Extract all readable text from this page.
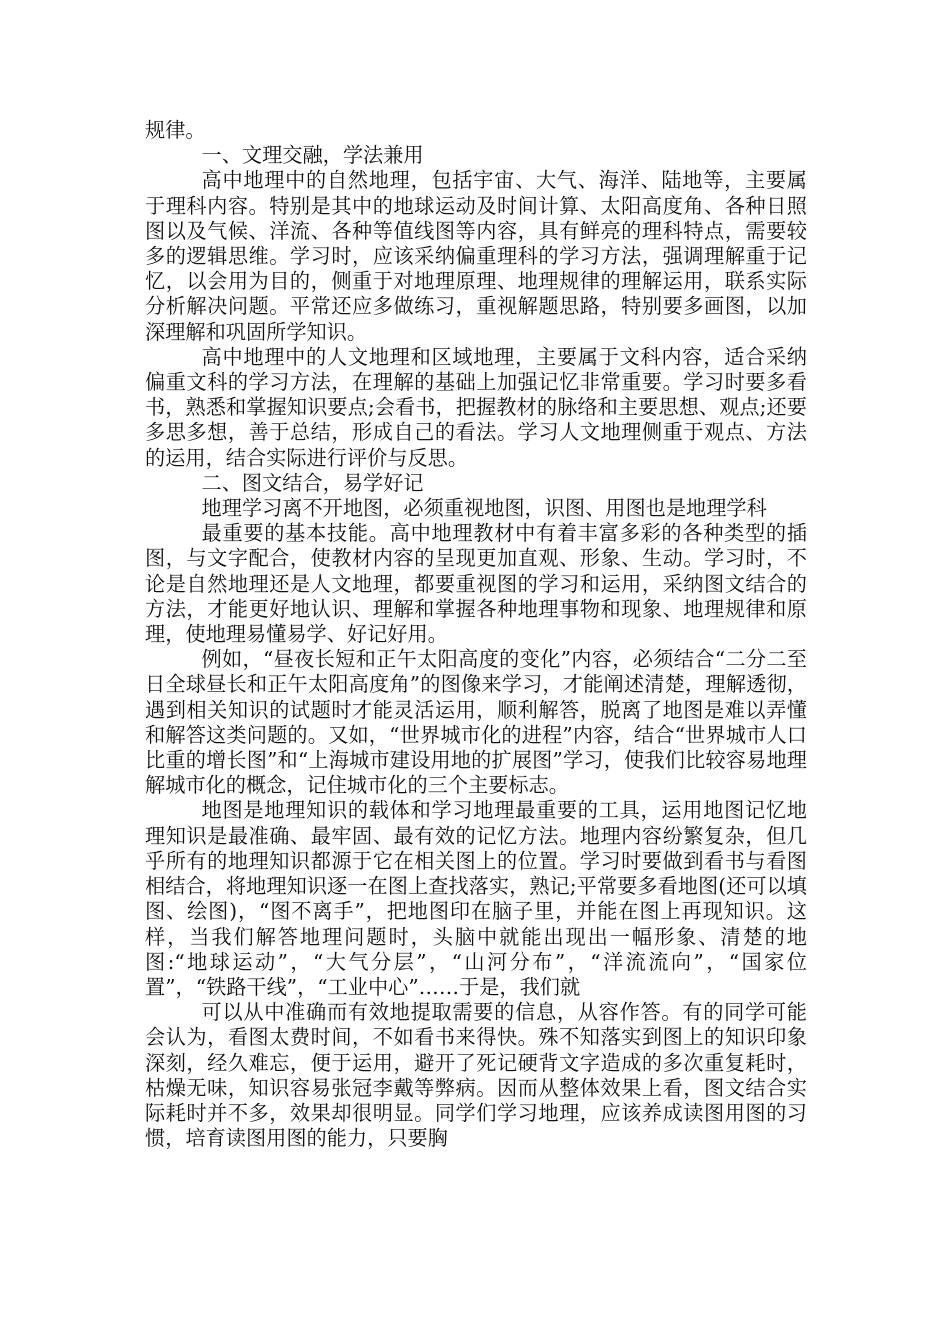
规律。

一、文理交融，学法兼用

高中地理中的自然地理，包括宇宙、大气、海洋、陆地等，主要属于理科内容。特别是其中的地球运动及时间计算、太阳高度角、各种日照图以及气候、洋流、各种等值线图等内容，具有鲜亮的理科特点，需要较多的逻辑思维。学习时，应该采纳偏重理科的学习方法，强调理解重于记忆，以会用为目的，侧重于对地理原理、地理规律的理解运用，联系实际分析解决问题。平常还应多做练习，重视解题思路，特别要多画图，以加深理解和巩固所学知识。

高中地理中的人文地理和区域地理，主要属于文科内容，适合采纳偏重文科的学习方法，在理解的基础上加强记忆非常重要。学习时要多看书，熟悉和掌握知识要点;会看书，把握教材的脉络和主要思想、观点;还要多思多想，善于总结，形成自己的看法。学习人文地理侧重于观点、方法的运用，结合实际进行评价与反思。

二、图文结合，易学好记

地理学习离不开地图，必须重视地图，识图、用图也是地理学科

最重要的基本技能。高中地理教材中有着丰富多彩的各种类型的插图，与文字配合，使教材内容的呈现更加直观、形象、生动。学习时，不论是自然地理还是人文地理，都要重视图的学习和运用，采纳图文结合的方法，才能更好地认识、理解和掌握各种地理事物和现象、地理规律和原理，使地理易懂易学、好记好用。

例如，“昼夜长短和正午太阳高度的变化”内容，必须结合“二分二至日全球昼长和正午太阳高度角”的图像来学习，才能阐述清楚，理解透彻，遇到相关知识的试题时才能灵活运用，顺利解答，脱离了地图是难以弄懂和解答这类问题的。又如，“世界城市化的进程”内容，结合“世界城市人口比重的增长图”和“上海城市建设用地的扩展图”学习，使我们比较容易地理解城市化的概念，记住城市化的三个主要标志。

地图是地理知识的载体和学习地理最重要的工具，运用地图记忆地理知识是最准确、最牢固、最有效的记忆方法。地理内容纷繁复杂，但几乎所有的地理知识都源于它在相关图上的位置。学习时要做到看书与看图相结合，将地理知识逐一在图上查找落实，熟记;平常要多看地图(还可以填图、绘图)，“图不离手”，把地图印在脑子里，并能在图上再现知识。这样，当我们解答地理问题时，头脑中就能出现出一幅形象、清楚的地图:“地球运动”，“大气分层”，“山河分布”，“洋流流向”，“国家位置”，“铁路干线”，“工业中心”……于是，我们就

可以从中准确而有效地提取需要的信息，从容作答。有的同学可能会认为，看图太费时间，不如看书来得快。殊不知落实到图上的知识印象深刻，经久难忘，便于运用，避开了死记硬背文字造成的多次重复耗时，枯燥无味，知识容易张冠李戴等弊病。因而从整体效果上看，图文结合实际耗时并不多，效果却很明显。同学们学习地理，应该养成读图用图的习惯，培育读图用图的能力，只要胸
